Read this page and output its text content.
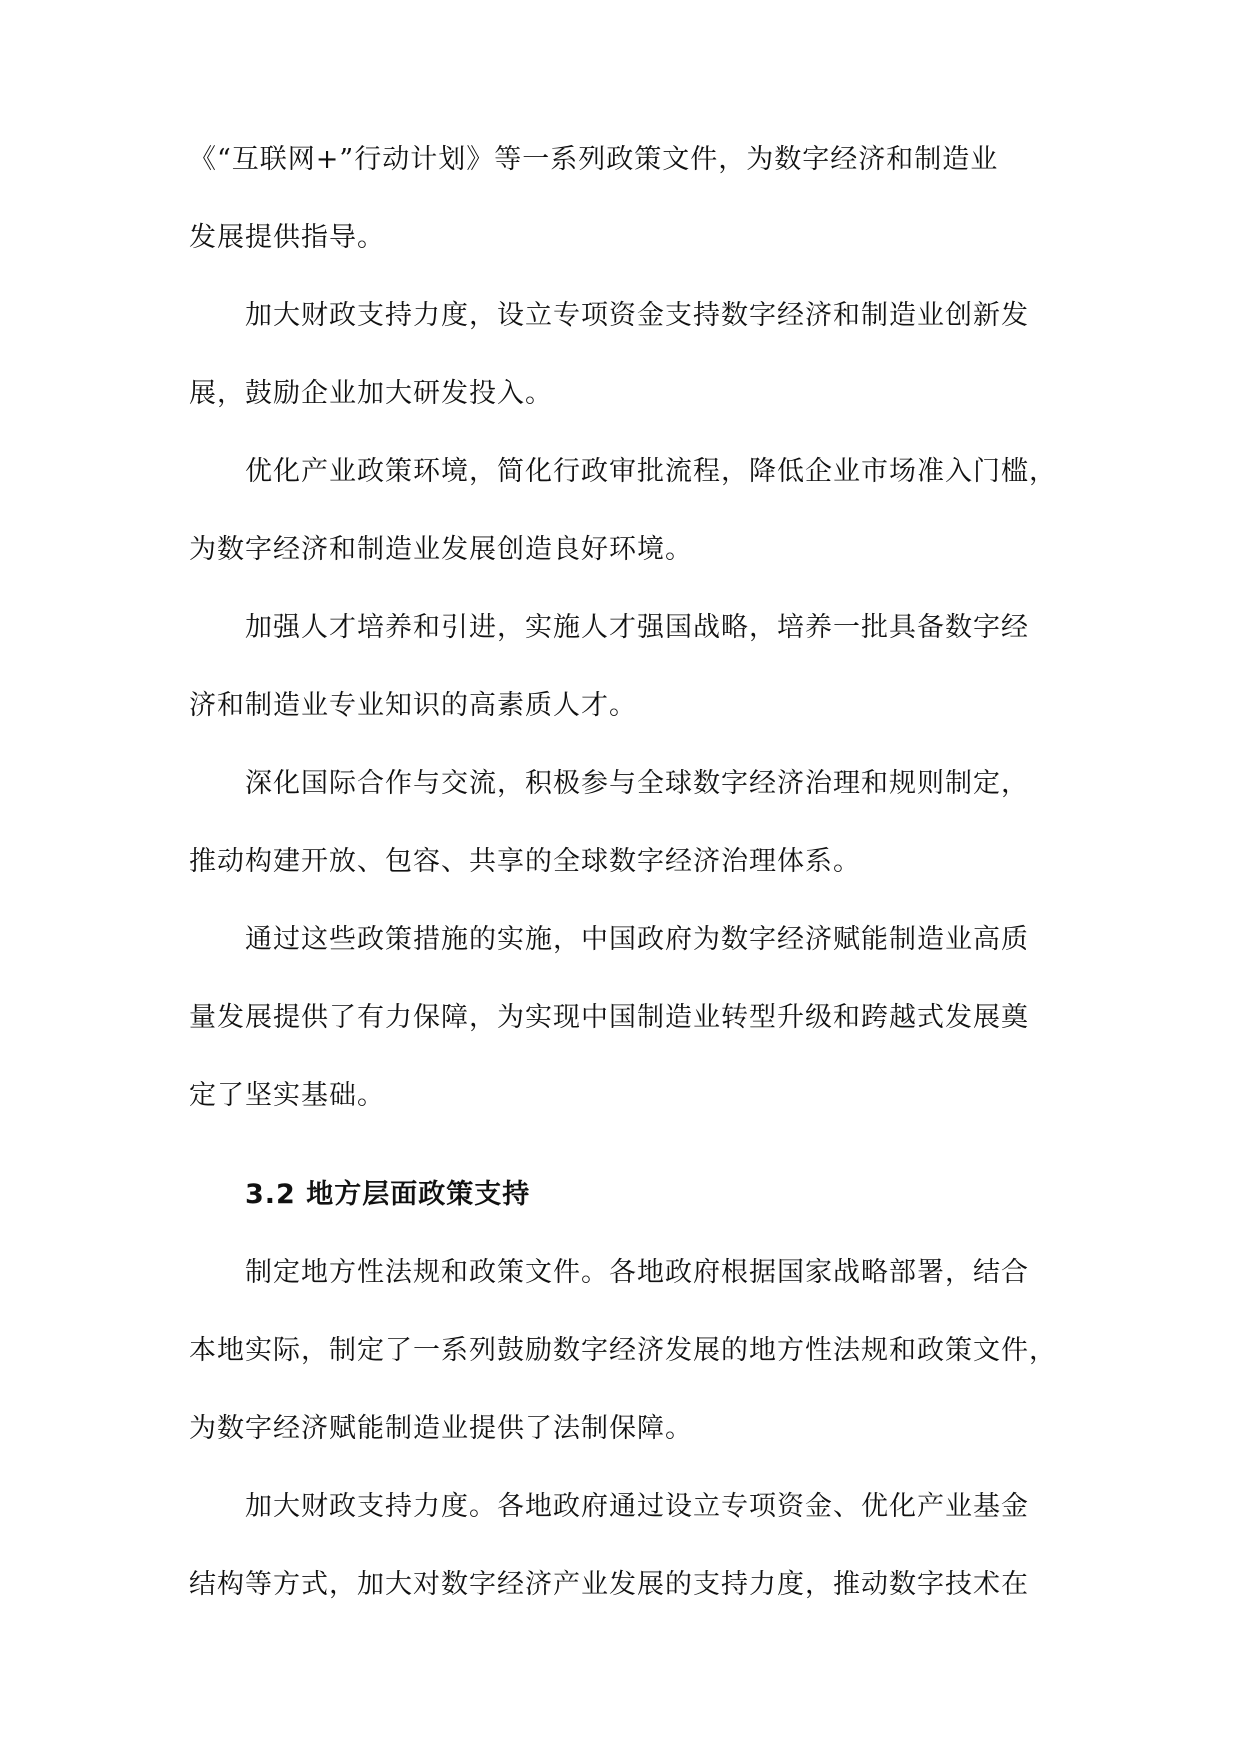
《“互联网+”行动计划》等一系列政策文件，为数字经济和制造业
发展提供指导。
加大财政支持力度，设立专项资金支持数字经济和制造业创新发
展，鼓励企业加大研发投入。
优化产业政策环境，简化行政审批流程，降低企业市场准入门槛，
为数字经济和制造业发展创造良好环境。
加强人才培养和引进，实施人才强国战略，培养一批具备数字经
济和制造业专业知识的高素质人才。
深化国际合作与交流，积极参与全球数字经济治理和规则制定，
推动构建开放、包容、共享的全球数字经济治理体系。
通过这些政策措施的实施，中国政府为数字经济赋能制造业高质
量发展提供了有力保障，为实现中国制造业转型升级和跨越式发展奠
定了坚实基础。
3.2 地方层面政策支持
制定地方性法规和政策文件。各地政府根据国家战略部署，结合
本地实际，制定了一系列鼓励数字经济发展的地方性法规和政策文件，
为数字经济赋能制造业提供了法制保障。
加大财政支持力度。各地政府通过设立专项资金、优化产业基金
结构等方式，加大对数字经济产业发展的支持力度，推动数字技术在
